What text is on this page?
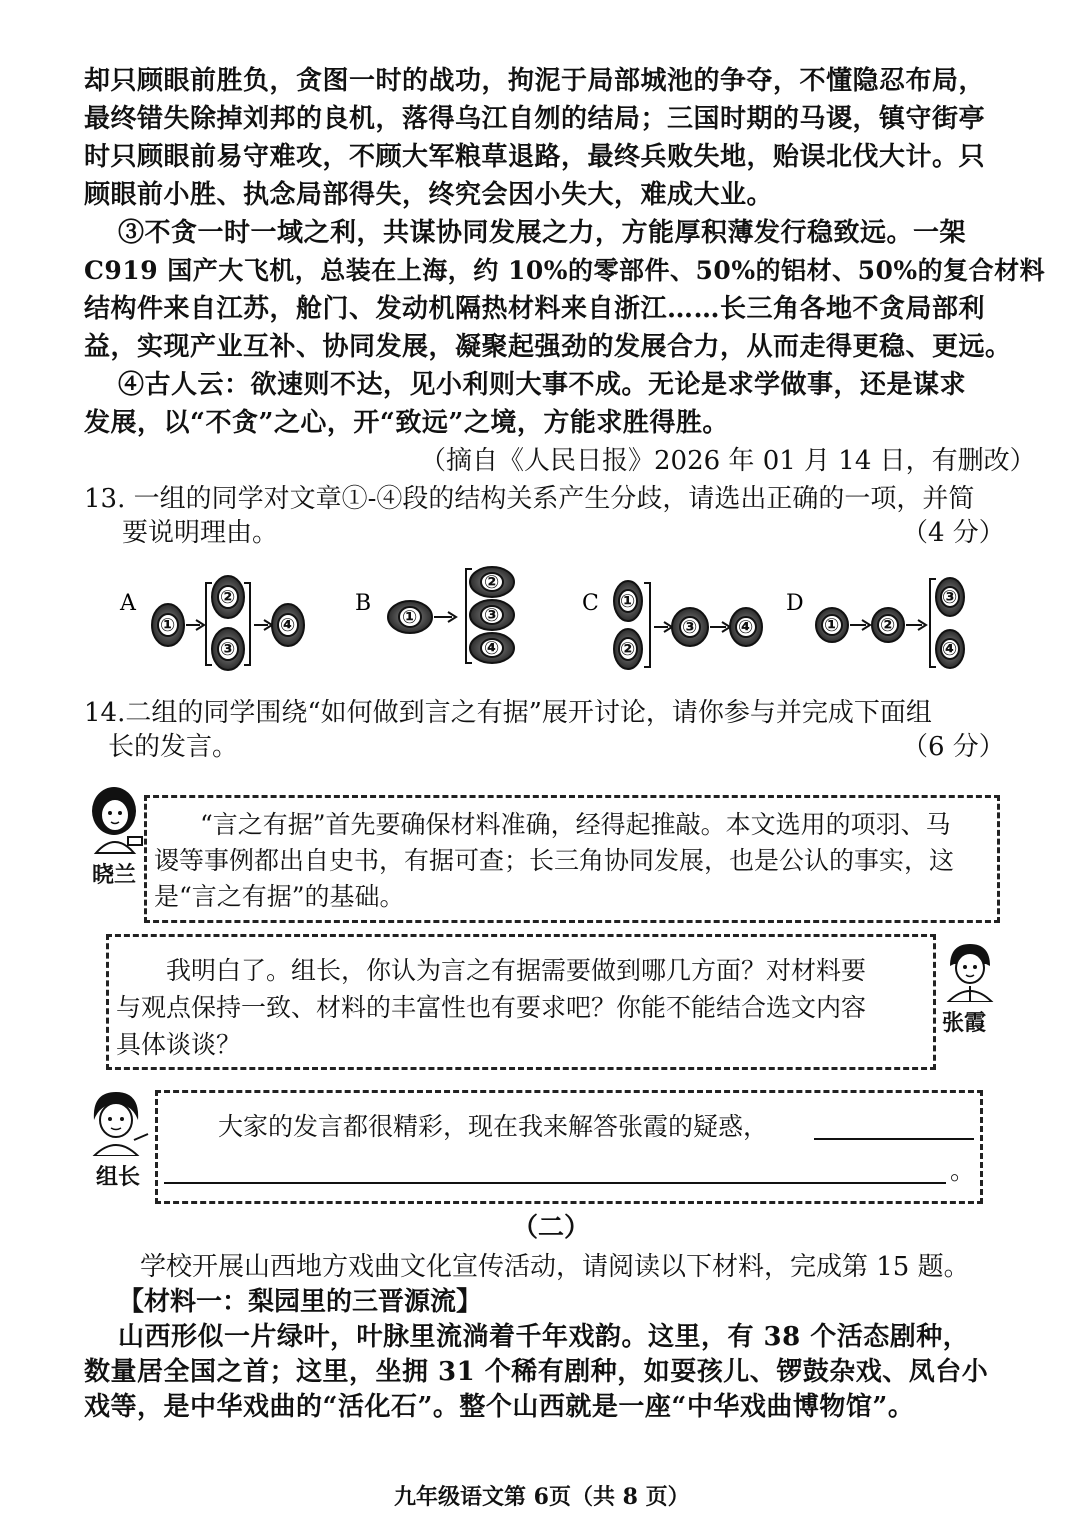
却只顾眼前胜负，贪图一时的战功，拘泥于局部城池的争夺，不懂隐忍布局，
最终错失除掉刘邦的良机，落得乌江自刎的结局；三国时期的马谡，镇守街亭
时只顾眼前易守难攻，不顾大军粮草退路，最终兵败失地，贻误北伐大计。只
顾眼前小胜、执念局部得失，终究会因小失大，难成大业。
③不贪一时一域之利，共谋协同发展之力，方能厚积薄发行稳致远。一架
C919 国产大飞机，总装在上海，约 10%的零部件、50%的铝材、50%的复合材料
结构件来自江苏，舱门、发动机隔热材料来自浙江……长三角各地不贪局部利
益，实现产业互补、协同发展，凝聚起强劲的发展合力，从而走得更稳、更远。
④古人云：欲速则不达，见小利则大事不成。无论是求学做事，还是谋求
发展，以“不贪”之心，开“致远”之境，方能求胜得胜。
（摘自《人民日报》2026 年 01 月 14 日，有删改）
13. 一组的同学对文章①-④段的结构关系产生分歧，请选出正确的一项，并简
要说明理由。	（4 分）
A
①
②
③
④
B
①
②
③
④
C ①
②
③ ④
D
① ②
③
④
14.二组的同学围绕“如何做到言之有据”展开讨论，请你参与并完成下面组
长的发言。	（6 分）
晓兰
“言之有据”首先要确保材料准确，经得起推敲。本文选用的项羽、马
谡等事例都出自史书，有据可查；长三角协同发展，也是公认的事实，这
是“言之有据”的基础。
我明白了。组长，你认为言之有据需要做到哪几方面？对材料要
与观点保持一致、材料的丰富性也有要求吧？你能不能结合选文内容
具体谈谈？
张霞
组长
大家的发言都很精彩，现在我来解答张霞的疑惑，
。
（二）
学校开展山西地方戏曲文化宣传活动，请阅读以下材料，完成第 15 题。
【材料一：梨园里的三晋源流】
山西形似一片绿叶，叶脉里流淌着千年戏韵。这里，有 38 个活态剧种，
数量居全国之首；这里，坐拥 31 个稀有剧种，如耍孩儿、锣鼓杂戏、凤台小
戏等，是中华戏曲的“活化石”。整个山西就是一座“中华戏曲博物馆”。
九年级语文第 6页（共 8 页）
